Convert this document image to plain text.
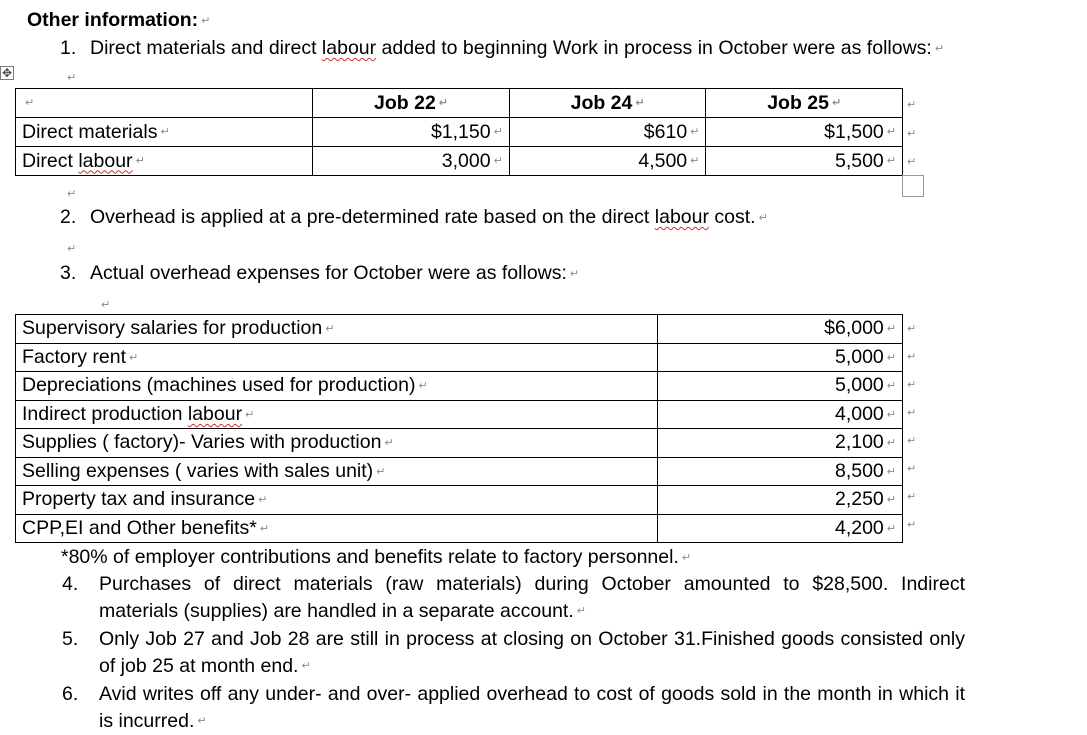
Other information: ↵
1. Direct materials and direct labour added to beginning Work in process in October were as follows: ↵
✥	↵
↵	Job 22 ↵	Job 24 ↵	Job 25 ↵
Direct materials ↵	$1,150 ↵	$610 ↵	$1,500 ↵
Direct labour ↵	3,000 ↵	4,500 ↵	5,500 ↵
↵
↵
↵
↵
2. Overhead is applied at a pre-determined rate based on the direct labour cost. ↵
↵
3. Actual overhead expenses for October were as follows: ↵
↵
Supervisory salaries for production ↵	$6,000 ↵
Factory rent ↵	5,000 ↵
Depreciations (machines used for production) ↵	5,000 ↵
Indirect production labour ↵	4,000 ↵
Supplies ( factory)- Varies with production ↵	2,100 ↵
Selling expenses ( varies with sales unit) ↵	8,500 ↵
Property tax and insurance ↵	2,250 ↵
CPP,EI and Other benefits* ↵	4,200 ↵
↵
↵
↵
↵
↵
↵
↵
↵
*80% of employer contributions and benefits relate to factory personnel. ↵
4. Purchases of direct materials (raw materials) during October amounted to $28,500. Indirect materials (supplies) are handled in a separate account. ↵
5. Only Job 27 and Job 28 are still in process at closing on October 31.Finished goods consisted only of job 25 at month end. ↵
6. Avid writes off any under- and over- applied overhead to cost of goods sold in the month in which it is incurred. ↵
